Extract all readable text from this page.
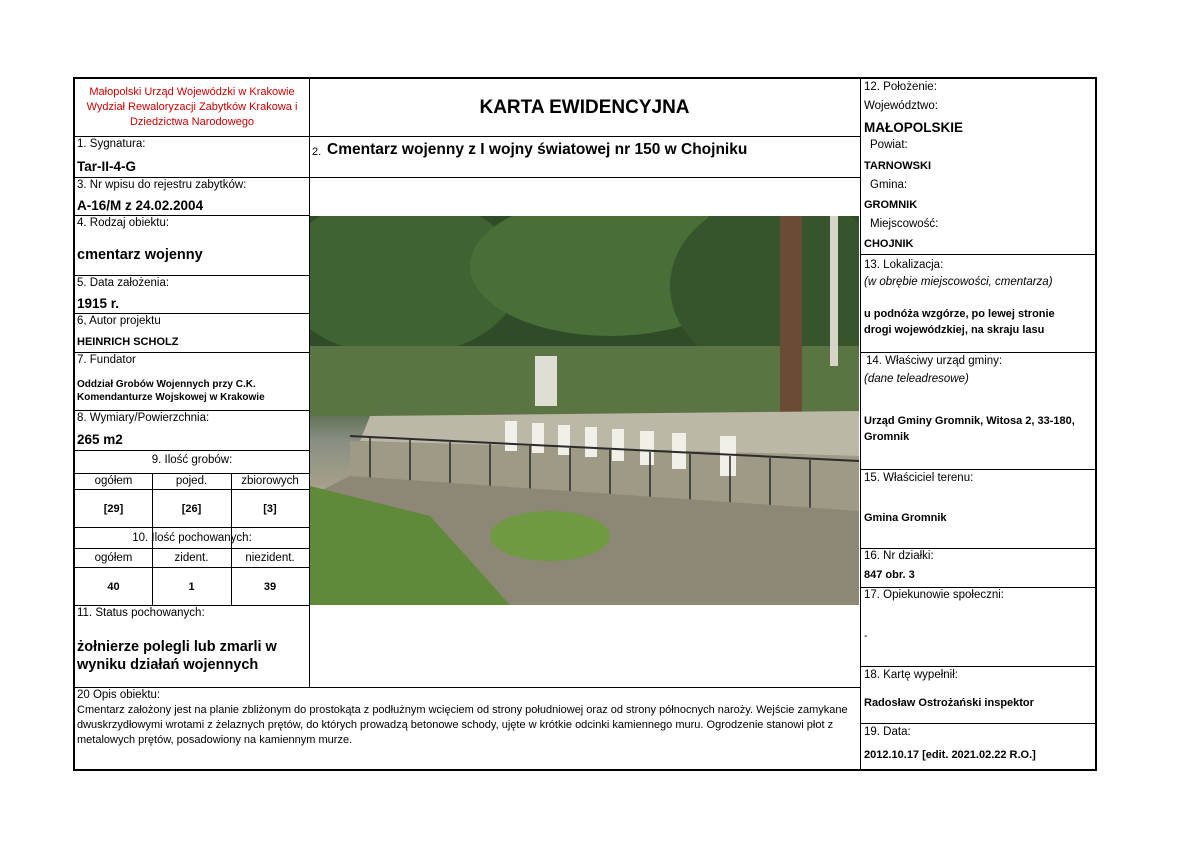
Małopolski Urząd Wojewódzki w Krakowie
Wydział Rewaloryzacji Zabytków Krakowa i
Dziedzictwa Narodowego
KARTA EWIDENCYJNA
1. Sygnatura:
Tar-II-4-G
2. Cmentarz wojenny z I wojny światowej nr 150 w Chojniku
3. Nr wpisu do rejestru zabytków:
A-16/M z 24.02.2004
4. Rodzaj obiektu:
cmentarz wojenny
5. Data założenia:
1915 r.
6, Autor projektu
HEINRICH SCHOLZ
7. Fundator
Oddział Grobów Wojennych przy C.K.
Komendanturze Wojskowej w Krakowie
8. Wymiary/Powierzchnia:
265 m2
9. Ilość grobów:
ogółem	pojed.	zbiorowych
[29]	[26]	[3]
10. Ilość pochowanych:
ogółem	zident.	niezident.
40	1	39
11. Status pochowanych:
żołnierze polegli lub zmarli w
wyniku działań wojennych
20 Opis obiektu:
Cmentarz założony jest na planie zbliżonym do prostokąta z podłużnym wcięciem od strony południowej oraz od strony północnych naroży. Wejście zamykane dwuskrzydłowymi wrotami z żelaznych prętów, do których prowadzą betonowe schody, ujęte w krótkie odcinki kamiennego muru. Ogrodzenie stanowi płot z metalowych prętów, posadowiony na kamiennym murze.
12. Położenie:
Województwo:
MAŁOPOLSKIE
Powiat:
TARNOWSKI
Gmina:
GROMNIK
Miejscowość:
CHOJNIK
13. Lokalizacja:
(w obrębie miejscowości, cmentarza)
u podnóża wzgórze, po lewej stronie
drogi wojewódzkiej, na skraju lasu
14. Właściwy urząd gminy:
(dane teleadresowe)
Urząd Gminy Gromnik, Witosa 2, 33-180,
Gromnik
15. Właściciel terenu:
Gmina Gromnik
16. Nr działki:
847 obr. 3
17. Opiekunowie społeczni:
-
18. Kartę wypełnił:
Radosław Ostrożański inspektor
19. Data:
2012.10.17 [edit. 2021.02.22 R.O.]
